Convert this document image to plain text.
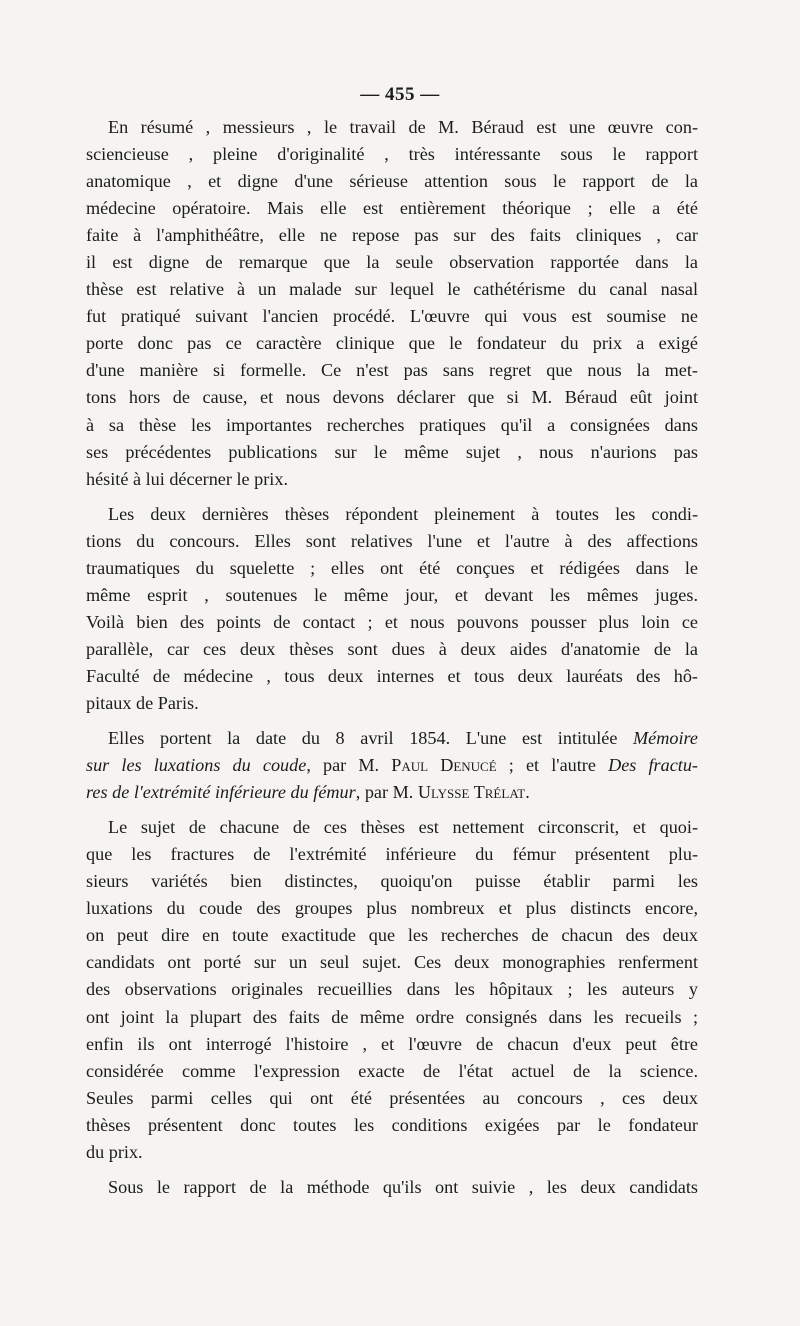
— 455 —
En résumé , messieurs , le travail de M. Béraud est une œuvre con-
sciencieuse , pleine d'originalité , très intéressante sous le rapport
anatomique , et digne d'une sérieuse attention sous le rapport de la
médecine opératoire. Mais elle est entièrement théorique ; elle a été
faite à l'amphithéâtre, elle ne repose pas sur des faits cliniques , car
il est digne de remarque que la seule observation rapportée dans la
thèse est relative à un malade sur lequel le cathétérisme du canal nasal
fut pratiqué suivant l'ancien procédé. L'œuvre qui vous est soumise ne
porte donc pas ce caractère clinique que le fondateur du prix a exigé
d'une manière si formelle. Ce n'est pas sans regret que nous la met-
tons hors de cause, et nous devons déclarer que si M. Béraud eût joint
à sa thèse les importantes recherches pratiques qu'il a consignées dans
ses précédentes publications sur le même sujet , nous n'aurions pas
hésité à lui décerner le prix.
Les deux dernières thèses répondent pleinement à toutes les condi-
tions du concours. Elles sont relatives l'une et l'autre à des affections
traumatiques du squelette ; elles ont été conçues et rédigées dans le
même esprit , soutenues le même jour, et devant les mêmes juges.
Voilà bien des points de contact ; et nous pouvons pousser plus loin ce
parallèle, car ces deux thèses sont dues à deux aides d'anatomie de la
Faculté de médecine , tous deux internes et tous deux lauréats des hô-
pitaux de Paris.
Elles portent la date du 8 avril 1854. L'une est intitulée Mémoire
sur les luxations du coude, par M. Paul Denucé ; et l'autre Des fractu-
res de l'extrémité inférieure du fémur, par M. Ulysse Trélat.
Le sujet de chacune de ces thèses est nettement circonscrit, et quoi-
que les fractures de l'extrémité inférieure du fémur présentent plu-
sieurs variétés bien distinctes, quoiqu'on puisse établir parmi les
luxations du coude des groupes plus nombreux et plus distincts encore,
on peut dire en toute exactitude que les recherches de chacun des deux
candidats ont porté sur un seul sujet. Ces deux monographies renferment
des observations originales recueillies dans les hôpitaux ; les auteurs y
ont joint la plupart des faits de même ordre consignés dans les recueils ;
enfin ils ont interrogé l'histoire , et l'œuvre de chacun d'eux peut être
considérée comme l'expression exacte de l'état actuel de la science.
Seules parmi celles qui ont été présentées au concours , ces deux
thèses présentent donc toutes les conditions exigées par le fondateur
du prix.
Sous le rapport de la méthode qu'ils ont suivie , les deux candidats
